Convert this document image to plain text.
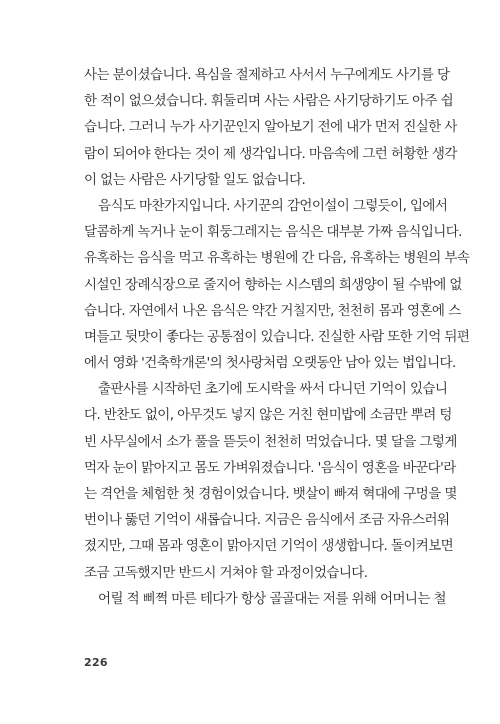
사는 분이셨습니다. 욕심을 절제하고 사서서 누구에게도 사기를 당
한 적이 없으셨습니다. 휘둘리며 사는 사람은 사기당하기도 아주 쉽
습니다. 그러니 누가 사기꾼인지 알아보기 전에 내가 먼저 진실한 사
람이 되어야 한다는 것이 제 생각입니다. 마음속에 그런 허황한 생각
이 없는 사람은 사기당할 일도 없습니다.
음식도 마찬가지입니다. 사기꾼의 감언이설이 그렇듯이, 입에서
달콤하게 녹거나 눈이 휘둥그레지는 음식은 대부분 가짜 음식입니다.
유혹하는 음식을 먹고 유혹하는 병원에 간 다음, 유혹하는 병원의 부속
시설인 장례식장으로 줄지어 향하는 시스템의 희생양이 될 수밖에 없
습니다. 자연에서 나온 음식은 약간 거칠지만, 천천히 몸과 영혼에 스
며들고 뒷맛이 좋다는 공통점이 있습니다. 진실한 사람 또한 기억 뒤편
에서 영화 '건축학개론'의 첫사랑처럼 오랫동안 남아 있는 법입니다.
출판사를 시작하던 초기에 도시락을 싸서 다니던 기억이 있습니
다. 반찬도 없이, 아무것도 넣지 않은 거친 현미밥에 소금만 뿌려 텅
빈 사무실에서 소가 풀을 뜯듯이 천천히 먹었습니다. 몇 달을 그렇게
먹자 눈이 맑아지고 몸도 가벼워졌습니다. '음식이 영혼을 바꾼다'라
는 격언을 체험한 첫 경험이었습니다. 뱃살이 빠져 혁대에 구멍을 몇
번이나 뚫던 기억이 새롭습니다. 지금은 음식에서 조금 자유스러워
졌지만, 그때 몸과 영혼이 맑아지던 기억이 생생합니다. 돌이켜보면
조금 고독했지만 반드시 거쳐야 할 과정이었습니다.
어릴 적 삐쩍 마른 테다가 항상 골골대는 저를 위해 어머니는 철
226
